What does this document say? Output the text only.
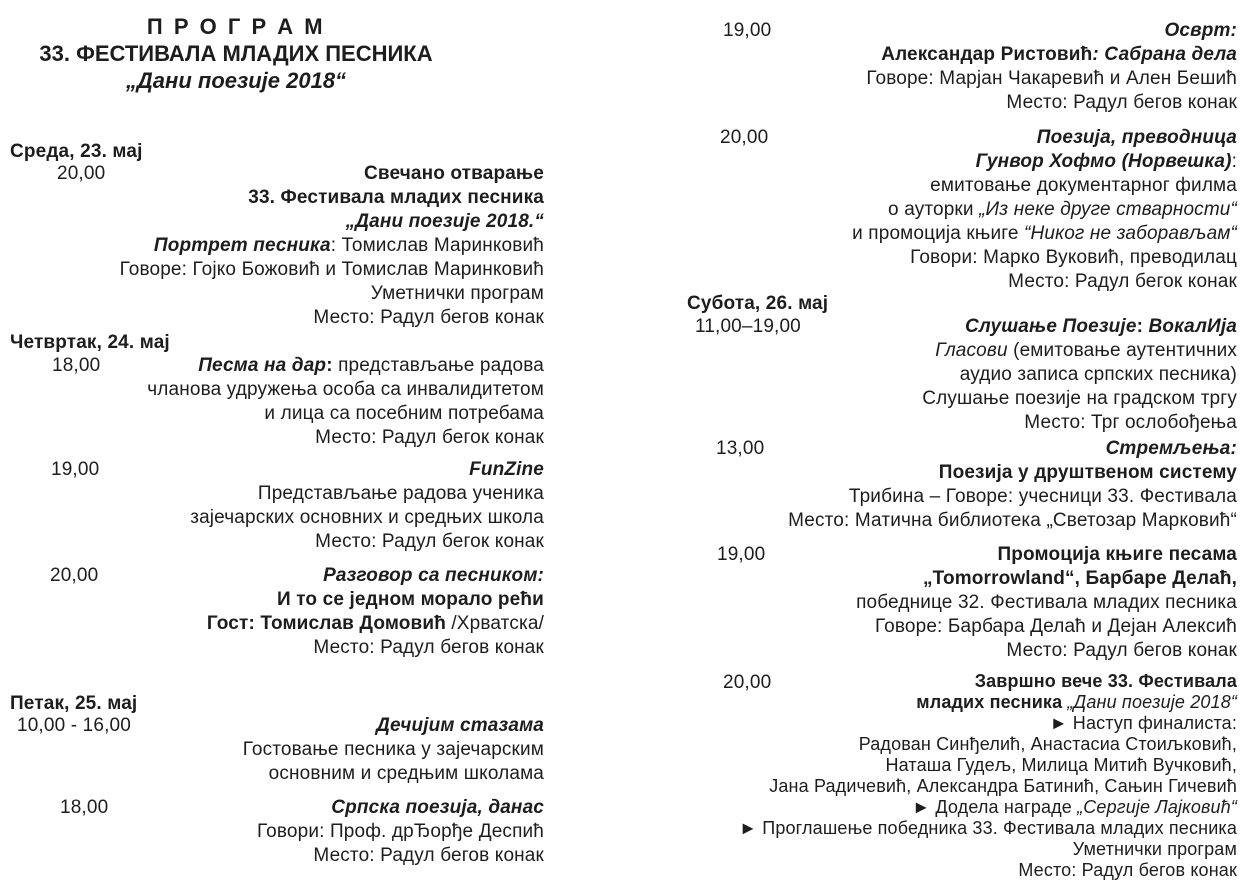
П Р О Г Р А М
33. ФЕСТИВАЛА МЛАДИХ ПЕСНИКА
„Дани поезије 2018“
Среда, 23. мај
20,00	Свечано отварање
33. Фестивала младих песника
„Дани поезије 2018.“
Портрет песника: Томислав Маринковић
Говоре: Гојко Божовић и Томислав Маринковић
Уметнички програм
Место: Радул бегов конак
Четвртак, 24. мај
18,00	Песма на дар: представљање радова
чланова удружења особа са инвалидитетом
и лица са посебним потребама
Место: Радул бегок конак
19,00	FunZine
Представљање радова ученика
зајечарских основних и средњих школа
Место: Радул бегок конак
20,00	Разговор са песником:
И то се једном морало рећи
Гост: Томислав Домовић /Хрватска/
Место: Радул бегов конак
Петак, 25. мај
10,00 - 16,00	Дечијим стазама
Гостовање песника у зајечарским
основним и средњим школама
18,00	Српска поезија, данас
Говори: Проф. дрЂорђе Деспић
Место: Радул бегов конак
19,00	Осврт:
Александар Ристовић: Сабрана дела
Говоре: Марјан Чакаревић и Ален Бешић
Место: Радул бегов конак
20,00	Поезија, преводница
Гунвор Хофмо (Норвешка):
емитовање документарног филма
о ауторки „Из неке друге стварности“
и промоција књиге “Никог не заборављам“
Говори: Марко Вуковић, преводилац
Место: Радул бегок конак
Субота, 26. мај
11,00–19,00	Слушање Поезије: ВокалИја
Гласови (емитовање аутентичних
аудио записа српских песника)
Слушање поезије на градском тргу
Место: Трг ослобођења
13,00	Стремљења:
Поезија у друштвеном систему
Трибина – Говоре: учесници 33. Фестивала
Место: Матична библиотека „Светозар Марковић“
19,00	Промоција књиге песама
„Tomorrowland“, Барбаре Делаћ,
победнице 32. Фестивала младих песника
Говоре: Барбара Делаћ и Дејан Алексић
Место: Радул бегов конак
20,00	Завршно вече 33. Фестивала
младих песника „Дани поезије 2018“
► Наступ финалиста:
Радован Синђелић, Анастасиа Стоиљковић,
Наташа Гудељ, Милица Митић Вучковић,
Јана Радичевић, Александра Батинић, Сањин Гичевић
► Додела награде „Сергије Лајковић“
► Проглашење победника 33. Фестивала младих песника
Уметнички програм
Место: Радул бегов конак
